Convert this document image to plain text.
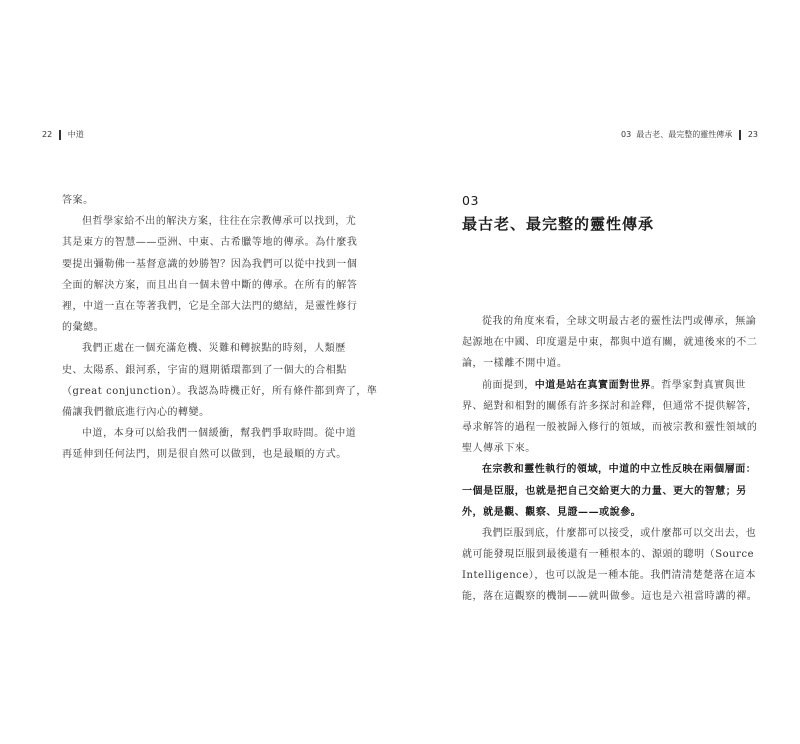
22 中道
答案。
但哲學家給不出的解決方案，往往在宗教傳承可以找到，尤
其是東方的智慧——亞洲、中東、古希臘等地的傳承。為什麼我
要提出彌勒佛一基督意識的妙勝智？因為我們可以從中找到一個
全面的解決方案，而且出自一個未曾中斷的傳承。在所有的解答
裡，中道一直在等著我們，它是全部大法門的總結，是靈性修行
的彙總。
我們正處在一個充滿危機、災難和轉捩點的時刻，人類歷
史、太陽系、銀河系，宇宙的週期循環都到了一個大的合相點
（great conjunction）。我認為時機正好，所有條件都到齊了，準
備讓我們徹底進行內心的轉變。
中道，本身可以給我們一個緩衝，幫我們爭取時間。從中道
再延伸到任何法門，則是很自然可以做到，也是最順的方式。
03 最古老、最完整的靈性傳承 23
03
最古老、最完整的靈性傳承
從我的角度來看，全球文明最古老的靈性法門或傳承，無論
起源地在中國、印度還是中東，都與中道有關，就連後來的不二
論，一樣離不開中道。
前面提到，中道是站在真實面對世界。哲學家對真實與世
界、絕對和相對的關係有許多探討和詮釋，但通常不提供解答，
尋求解答的過程一般被歸入修行的領域，而被宗教和靈性領域的
聖人傳承下來。
在宗教和靈性執行的領域，中道的中立性反映在兩個層面：
一個是臣服，也就是把自己交給更大的力量、更大的智慧；另
外，就是觀、觀察、見證——或說參。
我們臣服到底，什麼都可以接受，或什麼都可以交出去，也
就可能發現臣服到最後還有一種根本的、源頭的聰明（Source
Intelligence），也可以說是一種本能。我們清清楚楚落在這本
能，落在這觀察的機制——就叫做參。這也是六祖當時講的禪。
